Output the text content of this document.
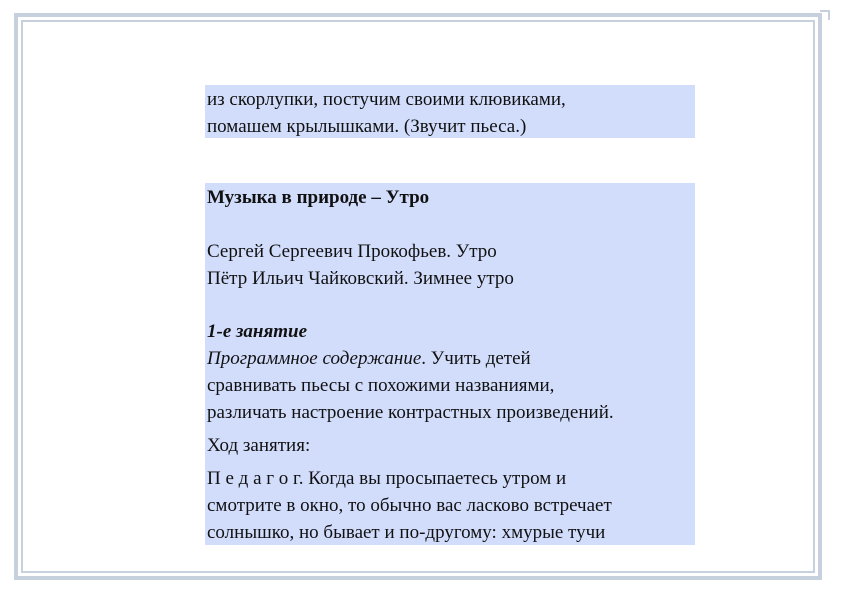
из скорлупки, постучим своими клювиками,
помашем крылышками. (Звучит пьеса.)
Музыка в природе – Утро
Сергей Сергеевич Прокофьев. Утро
Пётр Ильич Чайковский. Зимнее утро
1-е занятие
Программное содержание. Учить детей
сравнивать пьесы с похожими названиями,
различать настроение контрастных произведений.
Ход занятия:
П е д а г о г. Когда вы просыпаетесь утром и
смотрите в окно, то обычно вас ласково встречает
солнышко, но бывает и по-другому: хмурые тучи
